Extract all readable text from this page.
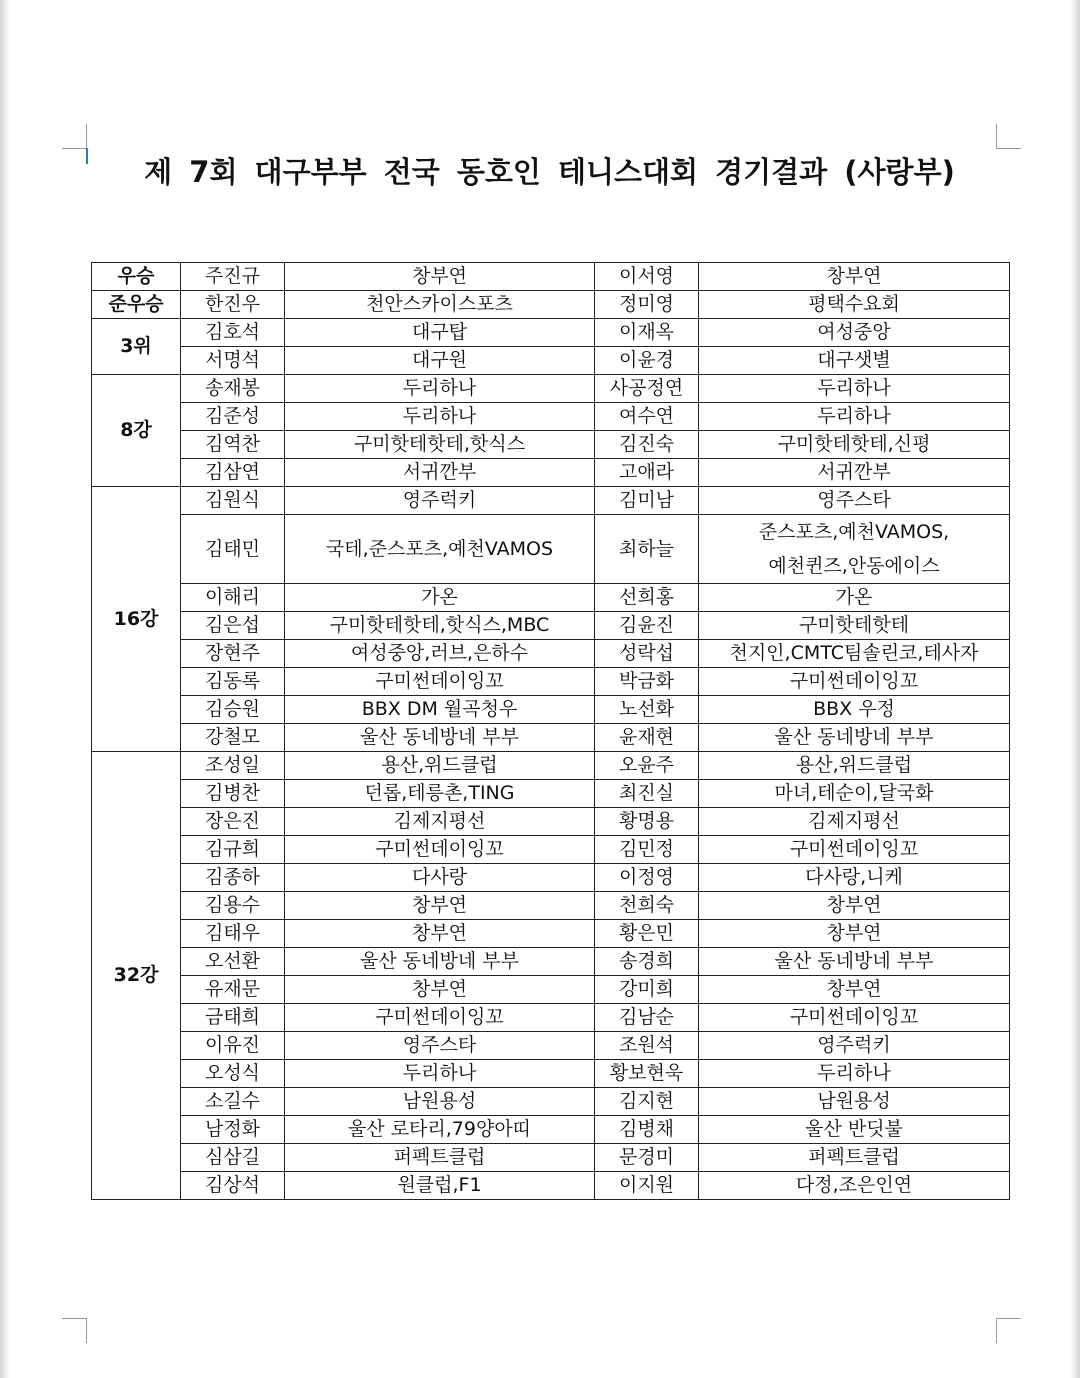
제 7회 대구부부 전국 동호인 테니스대회 경기결과 (사랑부)
우승	주진규	창부연	이서영	창부연
준우승	한진우	천안스카이스포츠	정미영	평택수요회
3위	김호석	대구탑	이재옥	여성중앙
	서명석	대구원	이윤경	대구샛별
8강	송재봉	두리하나	사공정연	두리하나
	김준성	두리하나	여수연	두리하나
	김역찬	구미핫테핫테,핫식스	김진숙	구미핫테핫테,신평
	김삼연	서귀깐부	고애라	서귀깐부
16강	김원식	영주럭키	김미남	영주스타
	김태민	국테,준스포츠,예천VAMOS	최하늘	준스포츠,예천VAMOS,
예천퀸즈,안동에이스

	이해리	가온	선희홍	가온
	김은섭	구미핫테핫테,핫식스,MBC	김윤진	구미핫테핫테
	장현주	여성중앙,러브,은하수	성락섭	천지인,CMTC팀솔린코,테사자
	김동록	구미썬데이잉꼬	박금화	구미썬데이잉꼬
	김승원	BBX DM 월곡청우	노선화	BBX 우정
	강철모	울산 동네방네 부부	윤재현	울산 동네방네 부부
32강	조성일	용산,위드클럽	오윤주	용산,위드클럽
	김병찬	던롭,테릉촌,TING	최진실	마녀,테순이,달국화
	장은진	김제지평선	황명용	김제지평선
	김규희	구미썬데이잉꼬	김민정	구미썬데이잉꼬
	김종하	다사랑	이정영	다사랑,니케
	김용수	창부연	천희숙	창부연
	김태우	창부연	황은민	창부연
	오선환	울산 동네방네 부부	송경희	울산 동네방네 부부
	유재문	창부연	강미희	창부연
	금태희	구미썬데이잉꼬	김남순	구미썬데이잉꼬
	이유진	영주스타	조원석	영주럭키
	오성식	두리하나	황보현욱	두리하나
	소길수	남원용성	김지현	남원용성
	남정화	울산 로타리,79양아띠	김병채	울산 반딧불
	심삼길	퍼펙트클럽	문경미	퍼펙트클럽
	김상석	원클럽,F1	이지원	다정,조은인연
